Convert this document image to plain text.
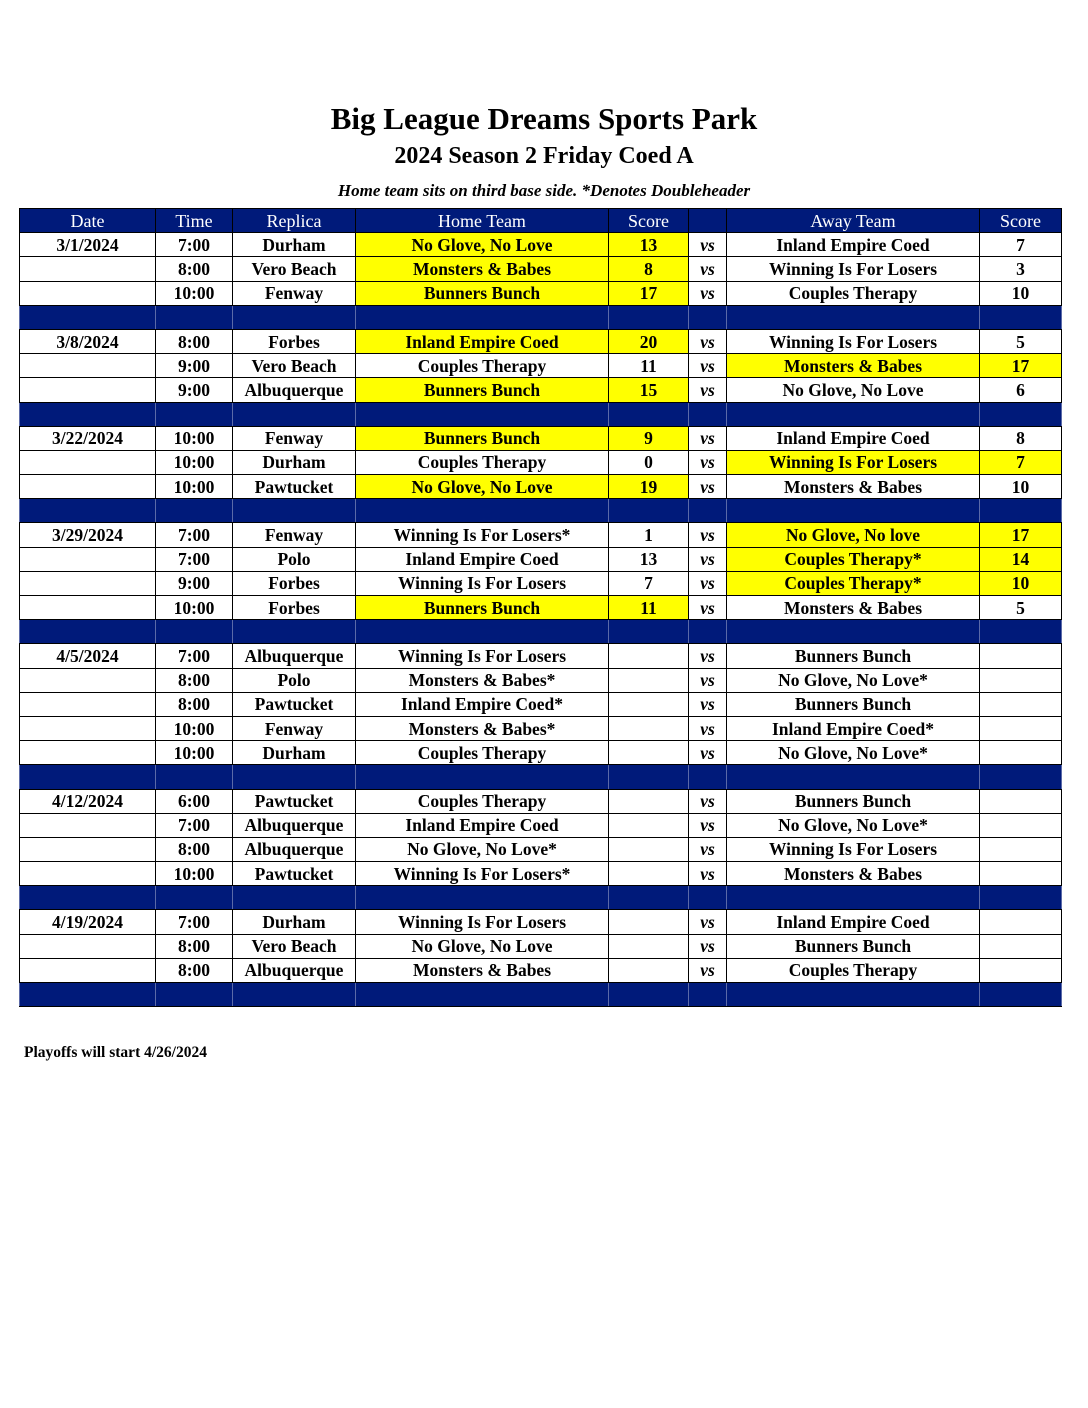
Big League Dreams Sports Park
2024 Season 2 Friday Coed A
Home team sits on third base side. *Denotes Doubleheader
Date	Time	Replica	Home Team	Score		Away Team	Score
3/1/2024	7:00	Durham	No Glove, No Love	13	vs	Inland Empire Coed	7
	8:00	Vero Beach	Monsters & Babes	8	vs	Winning Is For Losers	3
	10:00	Fenway	Bunners Bunch	17	vs	Couples Therapy	10

3/8/2024	8:00	Forbes	Inland Empire Coed	20	vs	Winning Is For Losers	5
	9:00	Vero Beach	Couples Therapy	11	vs	Monsters & Babes	17
	9:00	Albuquerque	Bunners Bunch	15	vs	No Glove, No Love	6

3/22/2024	10:00	Fenway	Bunners Bunch	9	vs	Inland Empire Coed	8
	10:00	Durham	Couples Therapy	0	vs	Winning Is For Losers	7
	10:00	Pawtucket	No Glove, No Love	19	vs	Monsters & Babes	10

3/29/2024	7:00	Fenway	Winning Is For Losers*	1	vs	No Glove, No love	17
	7:00	Polo	Inland Empire Coed	13	vs	Couples Therapy*	14
	9:00	Forbes	Winning Is For Losers	7	vs	Couples Therapy*	10
	10:00	Forbes	Bunners Bunch	11	vs	Monsters & Babes	5

4/5/2024	7:00	Albuquerque	Winning Is For Losers		vs	Bunners Bunch	
	8:00	Polo	Monsters & Babes*		vs	No Glove, No Love*	
	8:00	Pawtucket	Inland Empire Coed*		vs	Bunners Bunch	
	10:00	Fenway	Monsters & Babes*		vs	Inland Empire Coed*	
	10:00	Durham	Couples Therapy		vs	No Glove, No Love*	

4/12/2024	6:00	Pawtucket	Couples Therapy		vs	Bunners Bunch	
	7:00	Albuquerque	Inland Empire Coed		vs	No Glove, No Love*	
	8:00	Albuquerque	No Glove, No Love*		vs	Winning Is For Losers	
	10:00	Pawtucket	Winning Is For Losers*		vs	Monsters & Babes	

4/19/2024	7:00	Durham	Winning Is For Losers		vs	Inland Empire Coed	
	8:00	Vero Beach	No Glove, No Love		vs	Bunners Bunch	
	8:00	Albuquerque	Monsters & Babes		vs	Couples Therapy	

Playoffs will start 4/26/2024
